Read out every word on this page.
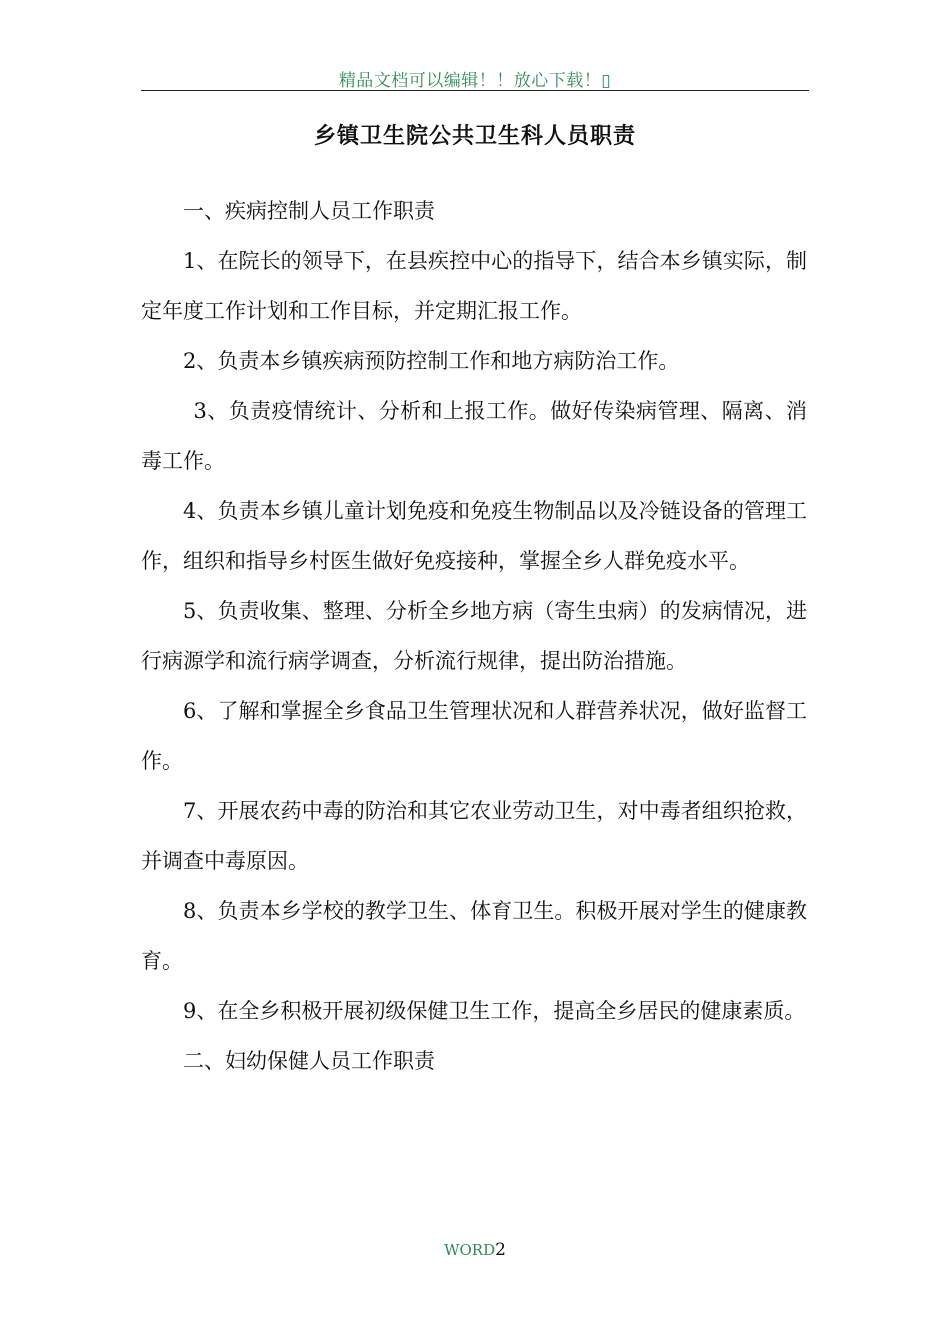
精品文档可以编辑！！放心下载！▯
乡镇卫生院公共卫生科人员职责

一、疾病控制人员工作职责

1、在院长的领导下，在县疾控中心的指导下，结合本乡镇实际，制定年度工作计划和工作目标，并定期汇报工作。

2、负责本乡镇疾病预防控制工作和地方病防治工作。

3、负责疫情统计、分析和上报工作。做好传染病管理、隔离、消毒工作。

4、负责本乡镇儿童计划免疫和免疫生物制品以及冷链设备的管理工作，组织和指导乡村医生做好免疫接种，掌握全乡人群免疫水平。

5、负责收集、整理、分析全乡地方病（寄生虫病）的发病情况，进行病源学和流行病学调查，分析流行规律，提出防治措施。

6、了解和掌握全乡食品卫生管理状况和人群营养状况，做好监督工作。

7、开展农药中毒的防治和其它农业劳动卫生，对中毒者组织抢救，并调查中毒原因。

8、负责本乡学校的教学卫生、体育卫生。积极开展对学生的健康教育。

9、在全乡积极开展初级保健卫生工作，提高全乡居民的健康素质。

二、妇幼保健人员工作职责

WORD2
